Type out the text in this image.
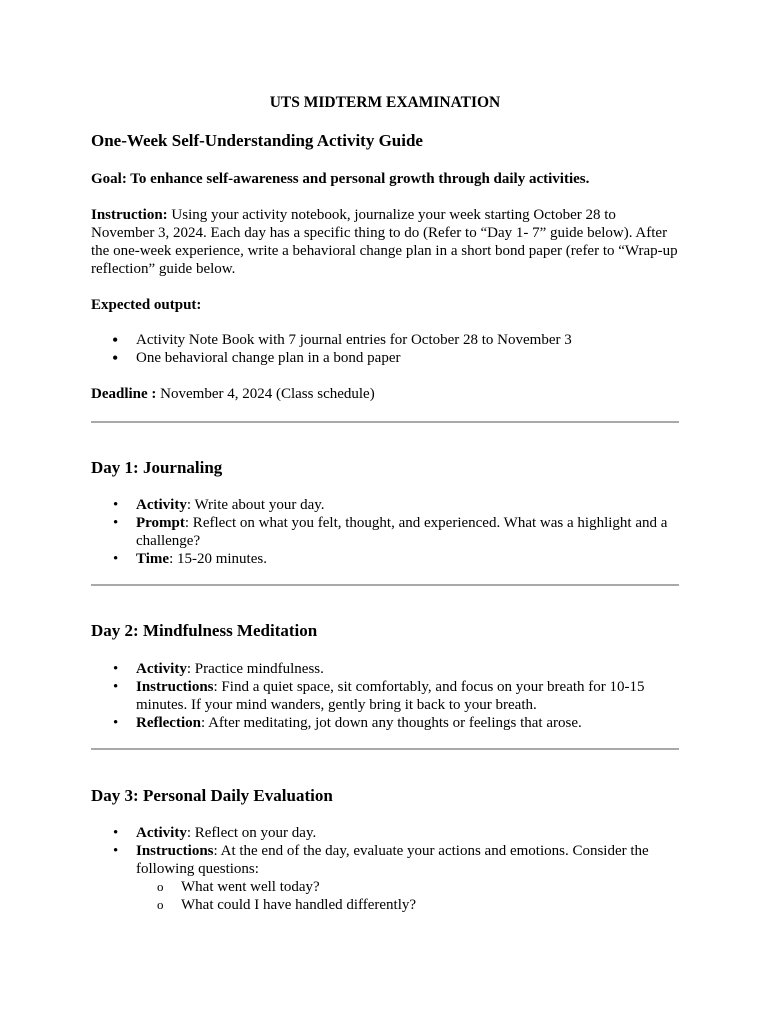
UTS MIDTERM EXAMINATION

One-Week Self-Understanding Activity Guide

Goal: To enhance self-awareness and personal growth through daily activities.

Instruction: Using your activity notebook, journalize your week starting October 28 to November 3, 2024. Each day has a specific thing to do (Refer to “Day 1- 7” guide below). After the one-week experience, write a behavioral change plan in a short bond paper (refer to “Wrap-up reflection” guide below.

Expected output:

• Activity Note Book with 7 journal entries for October 28 to November 3
• One behavioral change plan in a bond paper

Deadline : November 4, 2024 (Class schedule)

Day 1: Journaling

• Activity: Write about your day.
• Prompt: Reflect on what you felt, thought, and experienced. What was a highlight and a challenge?
• Time: 15-20 minutes.

Day 2: Mindfulness Meditation

• Activity: Practice mindfulness.
• Instructions: Find a quiet space, sit comfortably, and focus on your breath for 10-15 minutes. If your mind wanders, gently bring it back to your breath.
• Reflection: After meditating, jot down any thoughts or feelings that arose.

Day 3: Personal Daily Evaluation

• Activity: Reflect on your day.
• Instructions: At the end of the day, evaluate your actions and emotions. Consider the following questions:
o What went well today?
o What could I have handled differently?
